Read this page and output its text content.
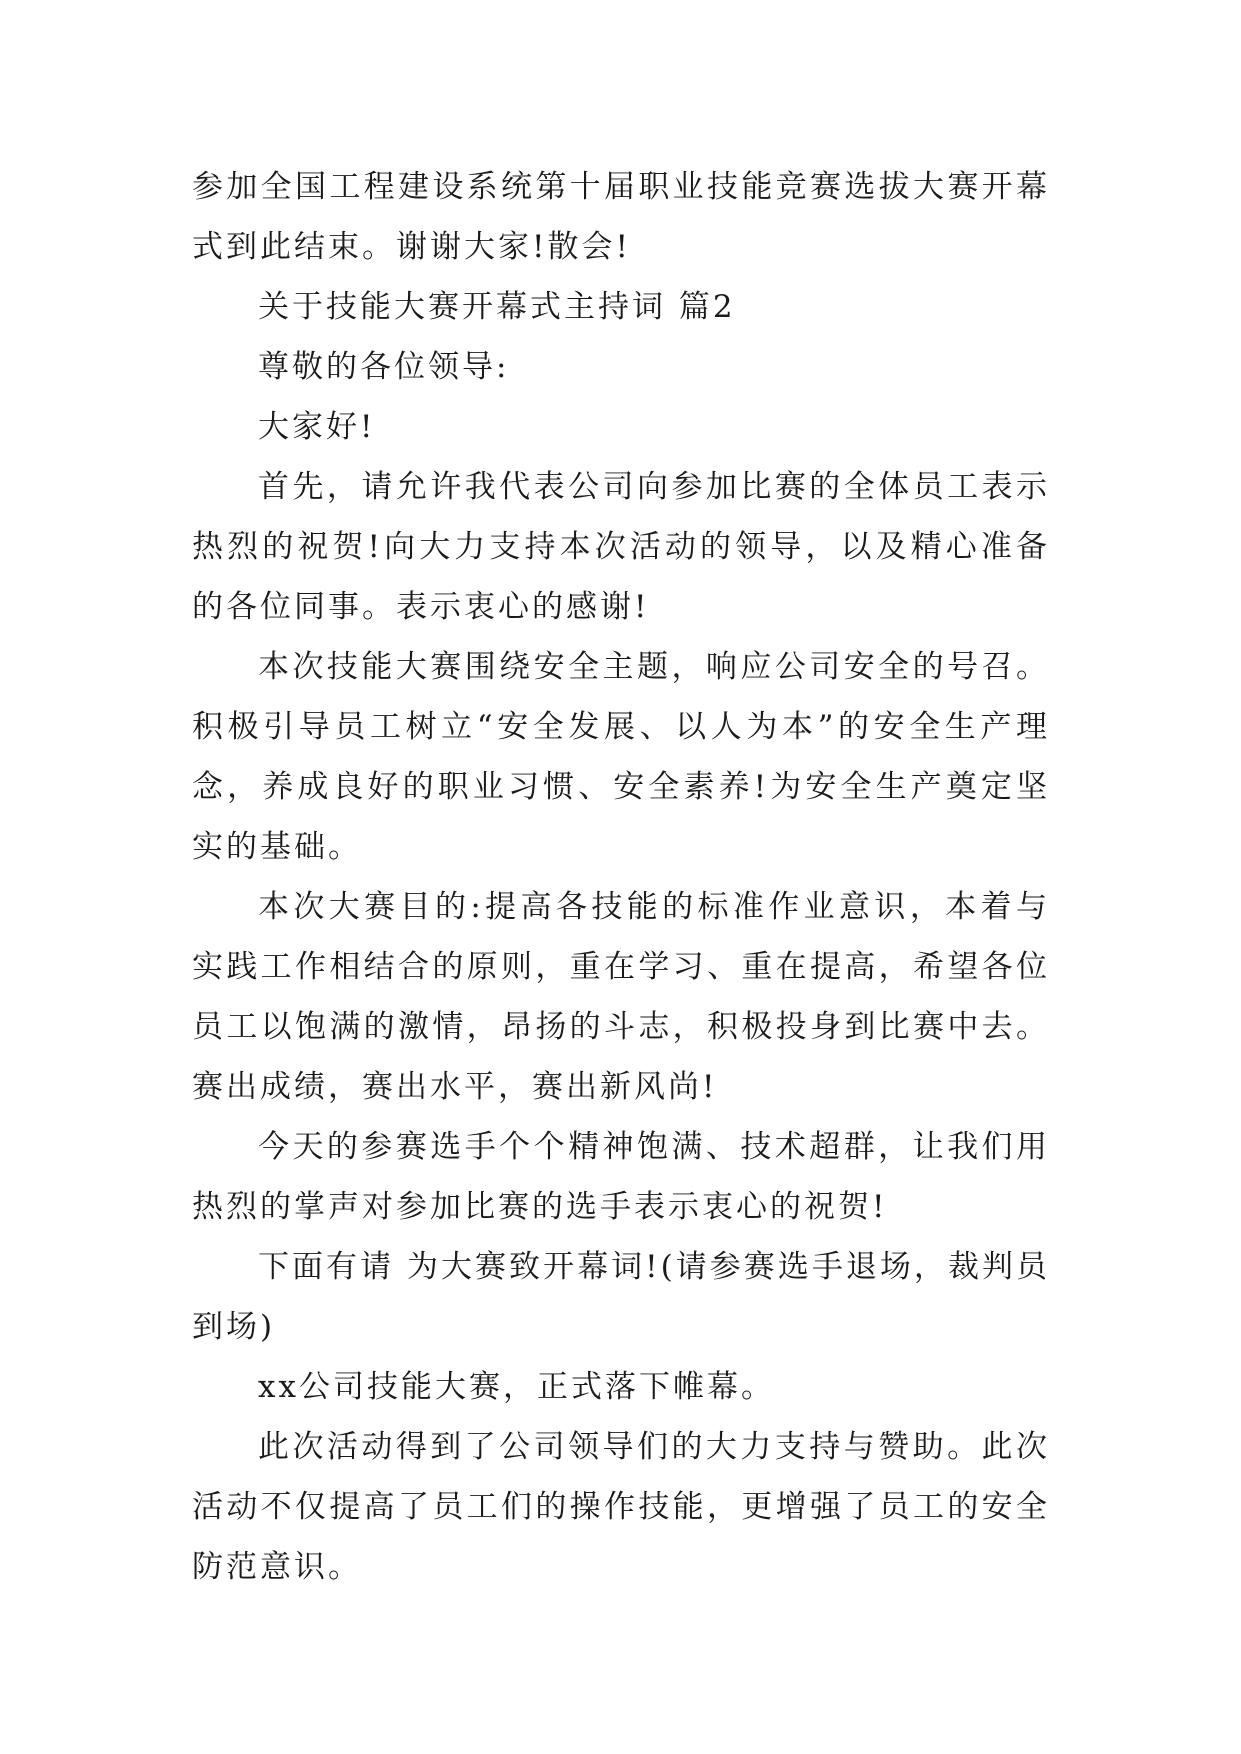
参加全国工程建设系统第十届职业技能竞赛选拔大赛开幕式到此结束。谢谢大家!散会!

关于技能大赛开幕式主持词 篇2

尊敬的各位领导:

大家好!

首先，请允许我代表公司向参加比赛的全体员工表示热烈的祝贺!向大力支持本次活动的领导，以及精心准备的各位同事。表示衷心的感谢!

本次技能大赛围绕安全主题，响应公司安全的号召。积极引导员工树立“安全发展、以人为本”的安全生产理念，养成良好的职业习惯、安全素养!为安全生产奠定坚实的基础。

本次大赛目的:提高各技能的标准作业意识，本着与实践工作相结合的原则，重在学习、重在提高，希望各位员工以饱满的激情，昂扬的斗志，积极投身到比赛中去。赛出成绩，赛出水平，赛出新风尚!

今天的参赛选手个个精神饱满、技术超群，让我们用热烈的掌声对参加比赛的选手表示衷心的祝贺!

下面有请 为大赛致开幕词!(请参赛选手退场，裁判员到场)

xx公司技能大赛，正式落下帷幕。

此次活动得到了公司领导们的大力支持与赞助。此次活动不仅提高了员工们的操作技能，更增强了员工的安全防范意识。
